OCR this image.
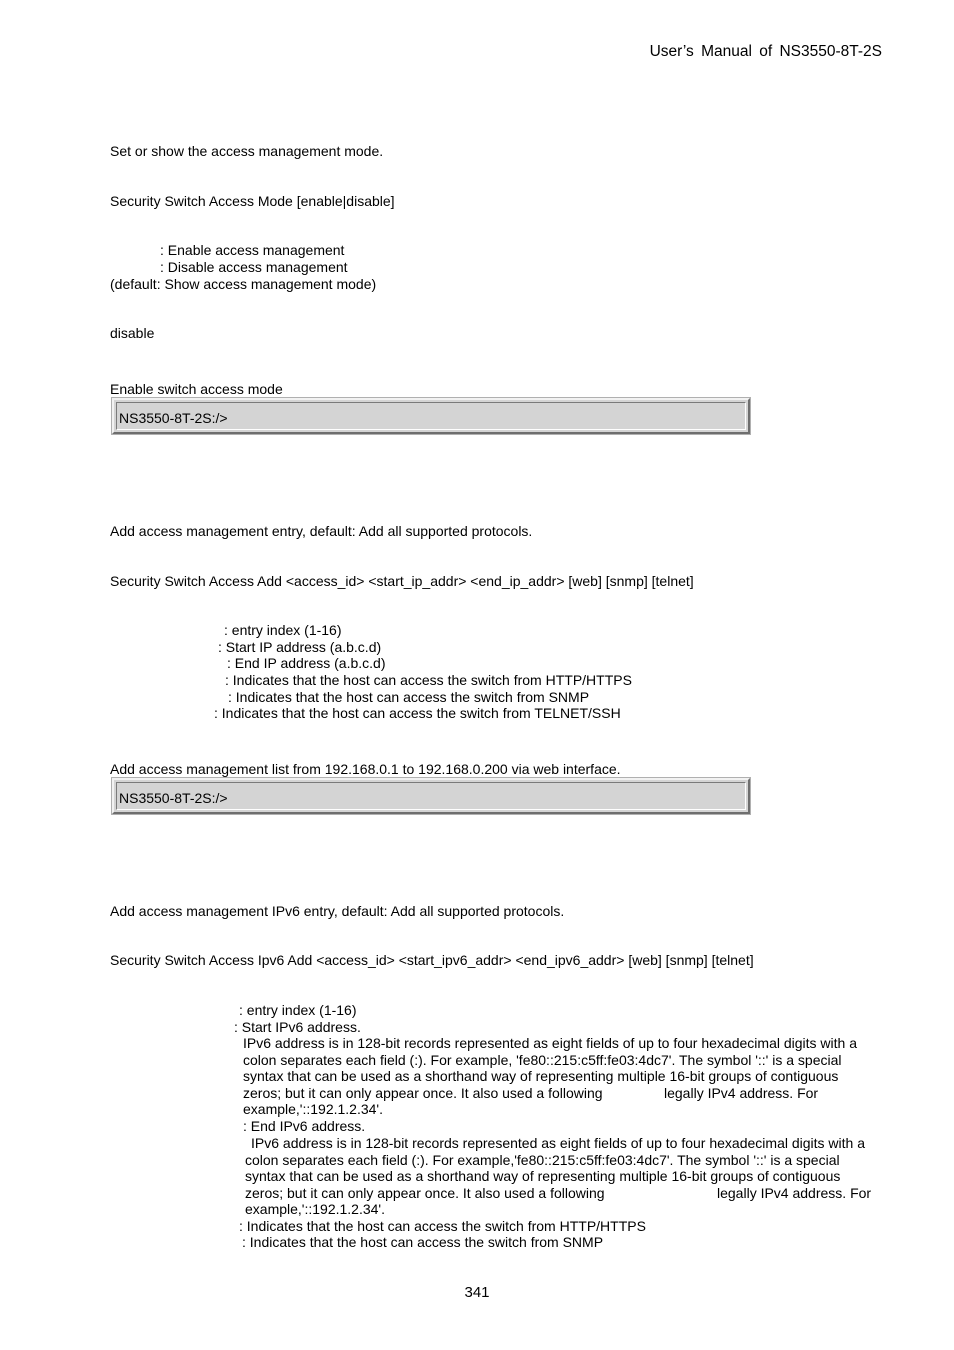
User’s Manual of NS3550-8T-2S
Set or show the access management mode.
Security Switch Access Mode [enable|disable]
: Enable access management
: Disable access management
(default: Show access management mode)
disable
Enable switch access mode
NS3550-8T-2S:/>
Add access management entry, default: Add all supported protocols.
Security Switch Access Add <access_id> <start_ip_addr> <end_ip_addr> [web] [snmp] [telnet]
: entry index (1-16)
: Start IP address (a.b.c.d)
: End IP address (a.b.c.d)
: Indicates that the host can access the switch from HTTP/HTTPS
: Indicates that the host can access the switch from SNMP
: Indicates that the host can access the switch from TELNET/SSH
Add access management list from 192.168.0.1 to 192.168.0.200 via web interface.
NS3550-8T-2S:/>
Add access management IPv6 entry, default: Add all supported protocols.
Security Switch Access Ipv6 Add <access_id> <start_ipv6_addr> <end_ipv6_addr> [web] [snmp] [telnet]
: entry index (1-16)
: Start IPv6 address.
IPv6 address is in 128-bit records represented as eight fields of up to four hexadecimal digits with a
colon separates each field (:). For example, 'fe80::215:c5ff:fe03:4dc7'. The symbol '::' is a special
syntax that can be used as a shorthand way of representing multiple 16-bit groups of contiguous
zeros; but it can only appear once. It also used a following	legally IPv4 address. For
example,'::192.1.2.34'.
: End IPv6 address.
IPv6 address is in 128-bit records represented as eight fields of up to four hexadecimal digits with a
colon separates each field (:). For example,'fe80::215:c5ff:fe03:4dc7'. The symbol '::' is a special
syntax that can be used as a shorthand way of representing multiple 16-bit groups of contiguous
zeros; but it can only appear once. It also used a following	legally IPv4 address. For
example,'::192.1.2.34'.
: Indicates that the host can access the switch from HTTP/HTTPS
: Indicates that the host can access the switch from SNMP
341
